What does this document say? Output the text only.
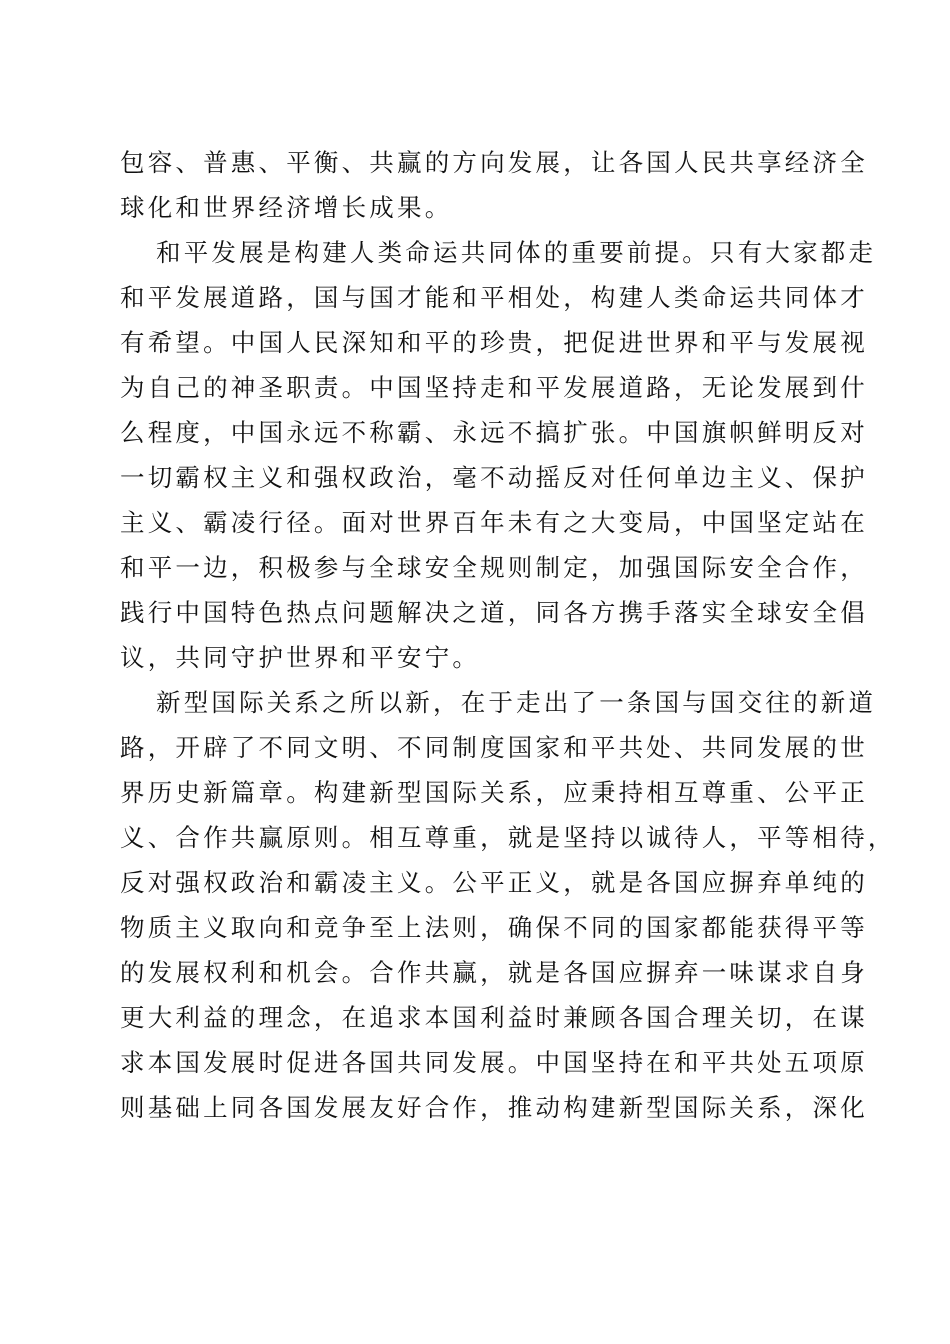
包容、普惠、平衡、共赢的方向发展，让各国人民共享经济全
球化和世界经济增长成果。
和平发展是构建人类命运共同体的重要前提。只有大家都走
和平发展道路，国与国才能和平相处，构建人类命运共同体才
有希望。中国人民深知和平的珍贵，把促进世界和平与发展视
为自己的神圣职责。中国坚持走和平发展道路，无论发展到什
么程度，中国永远不称霸、永远不搞扩张。中国旗帜鲜明反对
一切霸权主义和强权政治，毫不动摇反对任何单边主义、保护
主义、霸凌行径。面对世界百年未有之大变局，中国坚定站在
和平一边，积极参与全球安全规则制定，加强国际安全合作，
践行中国特色热点问题解决之道，同各方携手落实全球安全倡
议，共同守护世界和平安宁。
新型国际关系之所以新，在于走出了一条国与国交往的新道
路，开辟了不同文明、不同制度国家和平共处、共同发展的世
界历史新篇章。构建新型国际关系，应秉持相互尊重、公平正
义、合作共赢原则。相互尊重，就是坚持以诚待人，平等相待，
反对强权政治和霸凌主义。公平正义，就是各国应摒弃单纯的
物质主义取向和竞争至上法则，确保不同的国家都能获得平等
的发展权利和机会。合作共赢，就是各国应摒弃一味谋求自身
更大利益的理念，在追求本国利益时兼顾各国合理关切，在谋
求本国发展时促进各国共同发展。中国坚持在和平共处五项原
则基础上同各国发展友好合作，推动构建新型国际关系，深化
